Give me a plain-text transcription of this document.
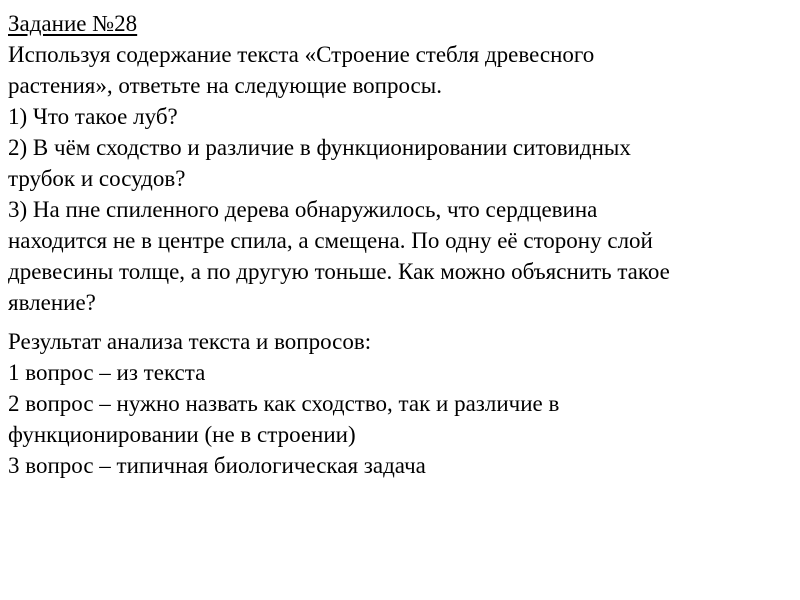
Задание №28
Используя содержание текста «Строение стебля древесного
растения», ответьте на следующие вопросы.
1) Что такое луб?
2) В чём сходство и различие в функционировании ситовидных
трубок и сосудов?
3) На пне спиленного дерева обнаружилось, что сердцевина
находится не в центре спила, а смещена. По одну её сторону слой
древесины толще, а по другую тоньше. Как можно объяснить такое
явление?
Результат анализа текста и вопросов:
1 вопрос – из текста
2 вопрос – нужно назвать как сходство, так и различие в
функционировании (не в строении)
3 вопрос – типичная биологическая задача
